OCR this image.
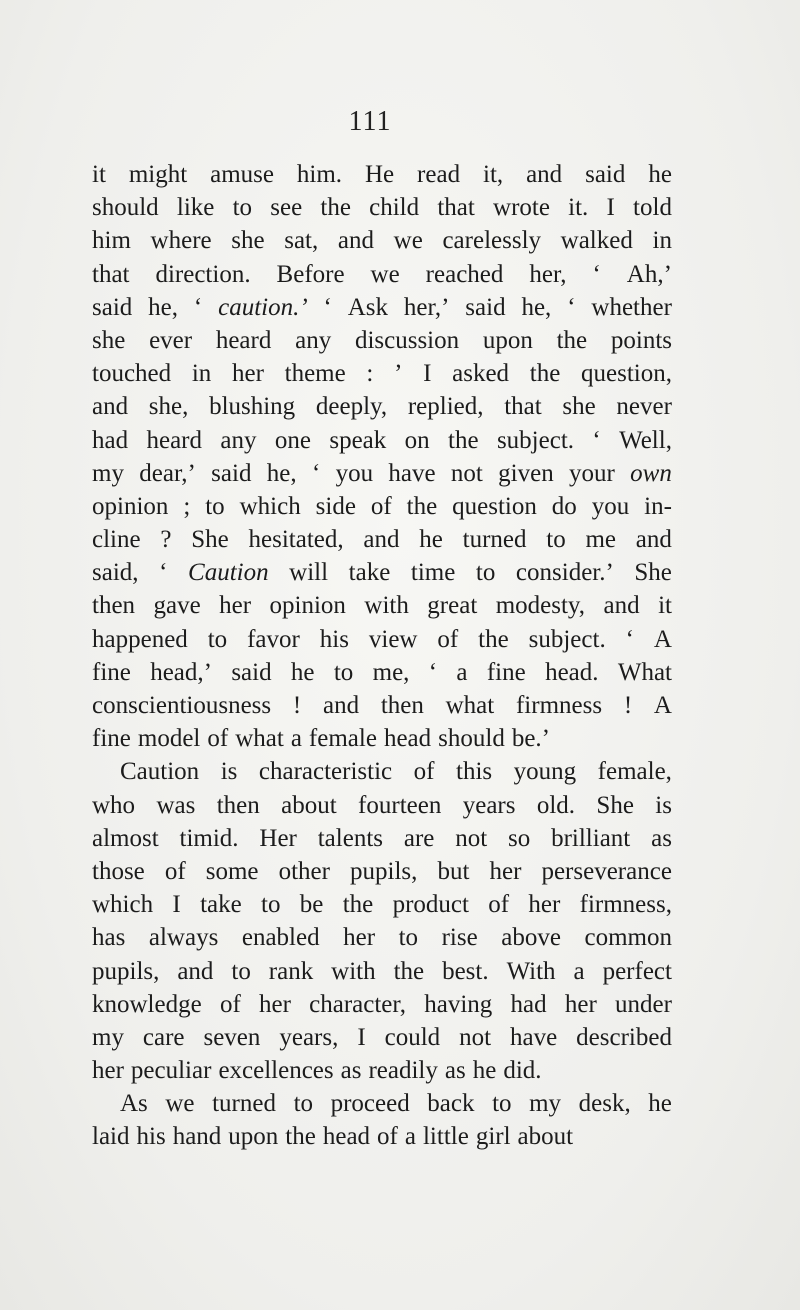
111
it might amuse him. He read it, and said he
should like to see the child that wrote it. I told
him where she sat, and we carelessly walked in
that direction. Before we reached her, ‘ Ah,’
said he, ‘ caution.’ ‘ Ask her,’ said he, ‘ whether
she ever heard any discussion upon the points
touched in her theme : ’ I asked the question,
and she, blushing deeply, replied, that she never
had heard any one speak on the subject. ‘ Well,
my dear,’ said he, ‘ you have not given your own
opinion ; to which side of the question do you in-
cline ? She hesitated, and he turned to me and
said, ‘ Caution will take time to consider.’ She
then gave her opinion with great modesty, and it
happened to favor his view of the subject. ‘ A
fine head,’ said he to me, ‘ a fine head. What
conscientiousness ! and then what firmness ! A
fine model of what a female head should be.’
Caution is characteristic of this young female,
who was then about fourteen years old. She is
almost timid. Her talents are not so brilliant as
those of some other pupils, but her perseverance
which I take to be the product of her firmness,
has always enabled her to rise above common
pupils, and to rank with the best. With a perfect
knowledge of her character, having had her under
my care seven years, I could not have described
her peculiar excellences as readily as he did.
As we turned to proceed back to my desk, he
laid his hand upon the head of a little girl about
